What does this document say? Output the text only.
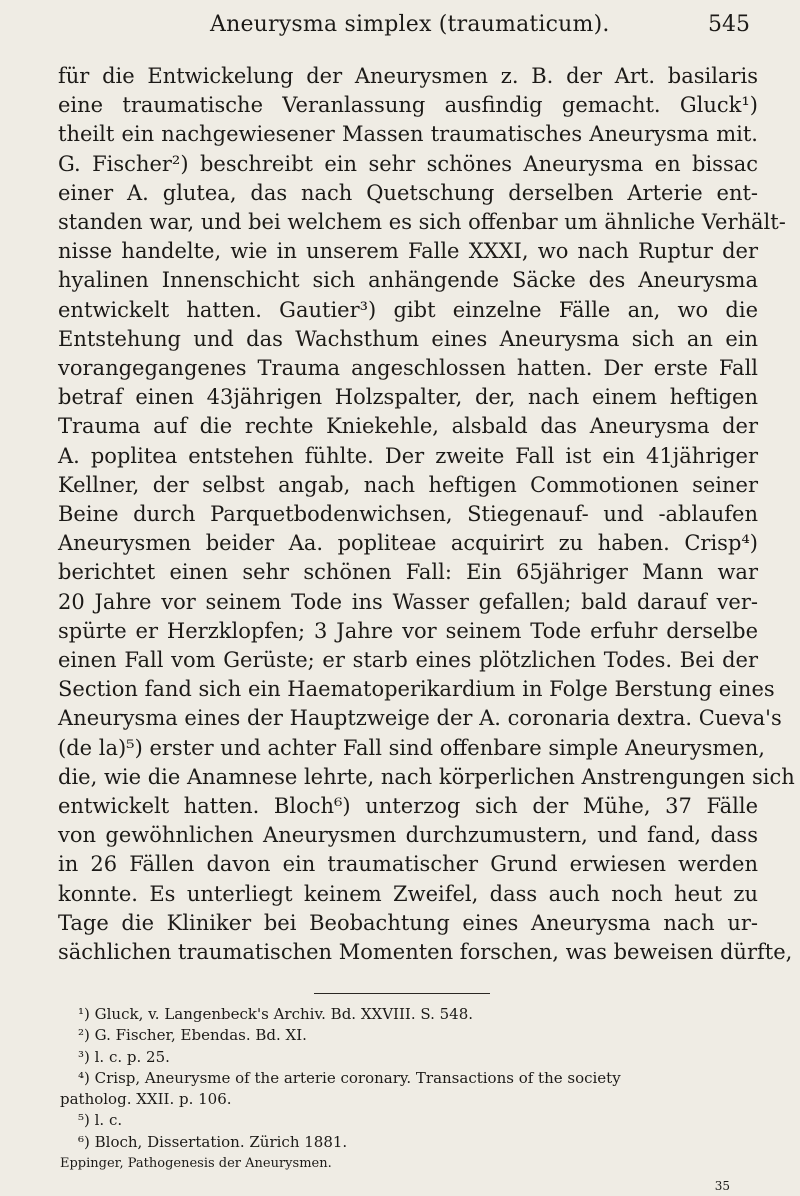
Aneurysma simplex (traumaticum).	545
für die Entwickelung der Aneurysmen z. B. der Art. basilaris
eine traumatische Veranlassung ausfindig gemacht. Gluck¹)
theilt ein nachgewiesener Massen traumatisches Aneurysma mit.
G. Fischer²) beschreibt ein sehr schönes Aneurysma en bissac
einer A. glutea, das nach Quetschung derselben Arterie ent-
standen war, und bei welchem es sich offenbar um ähnliche Verhält-
nisse handelte, wie in unserem Falle XXXI, wo nach Ruptur der
hyalinen Innenschicht sich anhängende Säcke des Aneurysma
entwickelt hatten. Gautier³) gibt einzelne Fälle an, wo die
Entstehung und das Wachsthum eines Aneurysma sich an ein
vorangegangenes Trauma angeschlossen hatten. Der erste Fall
betraf einen 43jährigen Holzspalter, der, nach einem heftigen
Trauma auf die rechte Kniekehle, alsbald das Aneurysma der
A. poplitea entstehen fühlte. Der zweite Fall ist ein 41jähriger
Kellner, der selbst angab, nach heftigen Commotionen seiner
Beine durch Parquetbodenwichsen, Stiegenauf- und -ablaufen
Aneurysmen beider Aa. popliteae acquirirt zu haben. Crisp⁴)
berichtet einen sehr schönen Fall: Ein 65jähriger Mann war
20 Jahre vor seinem Tode ins Wasser gefallen; bald darauf ver-
spürte er Herzklopfen; 3 Jahre vor seinem Tode erfuhr derselbe
einen Fall vom Gerüste; er starb eines plötzlichen Todes. Bei der
Section fand sich ein Haematoperikardium in Folge Berstung eines
Aneurysma eines der Hauptzweige der A. coronaria dextra. Cueva's
(de la)⁵) erster und achter Fall sind offenbare simple Aneurysmen,
die, wie die Anamnese lehrte, nach körperlichen Anstrengungen sich
entwickelt hatten. Bloch⁶) unterzog sich der Mühe, 37 Fälle
von gewöhnlichen Aneurysmen durchzumustern, und fand, dass
in 26 Fällen davon ein traumatischer Grund erwiesen werden
konnte. Es unterliegt keinem Zweifel, dass auch noch heut zu
Tage die Kliniker bei Beobachtung eines Aneurysma nach ur-
sächlichen traumatischen Momenten forschen, was beweisen dürfte,
¹) Gluck, v. Langenbeck's Archiv. Bd. XXVIII. S. 548.
²) G. Fischer, Ebendas. Bd. XI.
³) l. c. p. 25.
⁴) Crisp, Aneurysme of the arterie coronary. Transactions of the society
patholog. XXII. p. 106.
⁵) l. c.
⁶) Bloch, Dissertation. Zürich 1881.
Eppinger, Pathogenesis der Aneurysmen.
35
